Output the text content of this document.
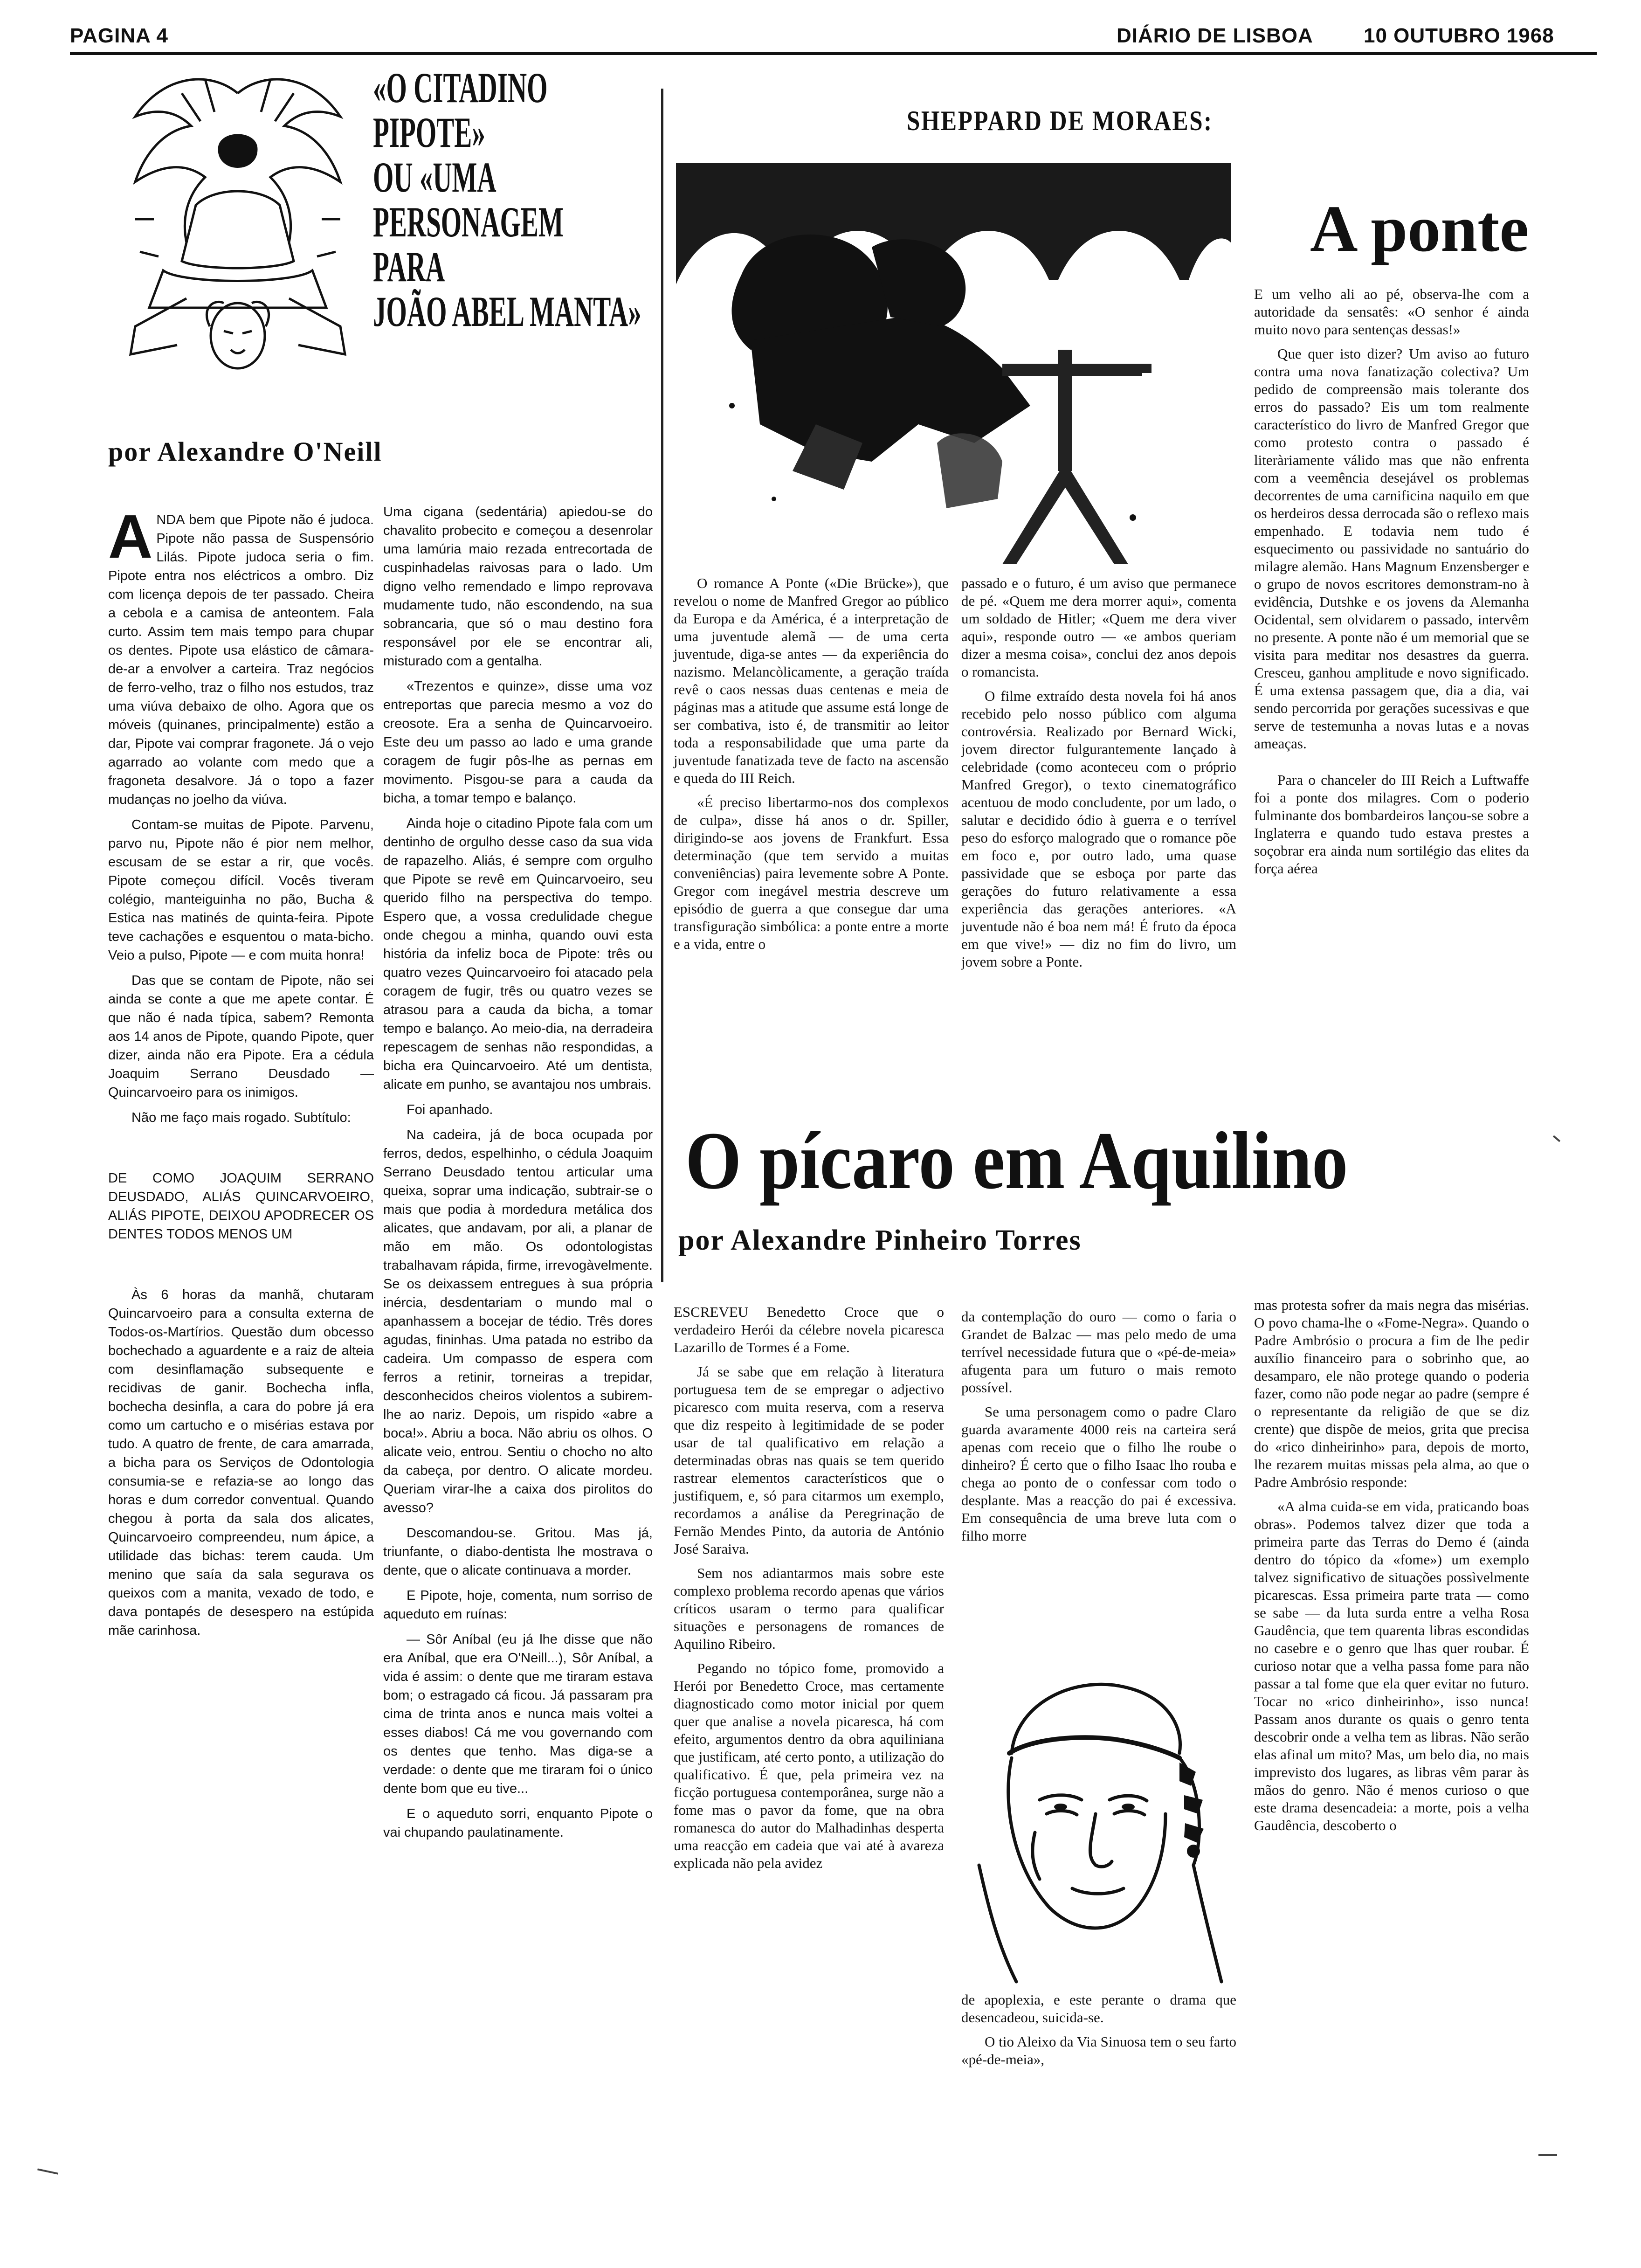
PAGINA 4	DIÁRIO DE LISBOA 10 OUTUBRO 1968
«O CITADINO
PIPOTE»
OU «UMA
PERSONAGEM
PARA
JOÃO ABEL MANTA»
por Alexandre O'Neill

ANDA bem que Pipote não é judoca. Pipote não passa de Suspensório Lilás. Pipote judoca seria o fim. Pipote entra nos eléctricos a ombro. Diz com licença depois de ter passado. Cheira a cebola e a camisa de anteontem. Fala curto. Assim tem mais tempo para chupar os dentes. Pipote usa elástico de câmara-de-ar a envolver a carteira. Traz negócios de ferro-velho, traz o filho nos estudos, traz uma viúva debaixo de olho. Agora que os móveis (quinanes, principalmente) estão a dar, Pipote vai comprar fragonete. Já o vejo agarrado ao volante com medo que a fragoneta desalvore. Já o topo a fazer mudanças no joelho da viúva.

Contam-se muitas de Pipote. Parvenu, parvo nu, Pipote não é pior nem melhor, escusam de se estar a rir, que vocês. Pipote começou difícil. Vocês tiveram colégio, manteiguinha no pão, Bucha & Estica nas matinés de quinta-feira. Pipote teve cachações e esquentou o mata-bicho. Veio a pulso, Pipote — e com muita honra!

Das que se contam de Pipote, não sei ainda se conte a que me apete contar. É que não é nada típica, sabem? Remonta aos 14 anos de Pipote, quando Pipote, quer dizer, ainda não era Pipote. Era a cédula Joaquim Serrano Deusdado — Quincarvoeiro para os inimigos.

Não me faço mais rogado. Subtítulo:

DE COMO JOAQUIM SERRANO DEUSDADO, ALIÁS QUINCARVOEIRO, ALIÁS PIPOTE, DEIXOU APODRECER OS DENTES TODOS MENOS UM

Às 6 horas da manhã, chutaram Quincarvoeiro para a consulta externa de Todos-os-Martírios. Questão dum obcesso bochechado a aguardente e a raiz de alteia com desinflamação subsequente e recidivas de ganir. Bochecha infla, bochecha desinfla, a cara do pobre já era como um cartucho e o misérias estava por tudo. A quatro de frente, de cara amarrada, a bicha para os Serviços de Odontologia consumia-se e refazia-se ao longo das horas e dum corredor conventual. Quando chegou à porta da sala dos alicates, Quincarvoeiro compreendeu, num ápice, a utilidade das bichas: terem cauda. Um menino que saía da sala segurava os queixos com a manita, vexado de todo, e dava pontapés de desespero na estúpida mãe carinhosa.

Uma cigana (sedentária) apiedou-se do chavalito probecito e começou a desenrolar uma lamúria maio rezada entrecortada de cuspinhadelas raivosas para o lado. Um digno velho remendado e limpo reprovava mudamente tudo, não escondendo, na sua sobrancaria, que só o mau destino fora responsável por ele se encontrar ali, misturado com a gentalha.

«Trezentos e quinze», disse uma voz entreportas que parecia mesmo a voz do creosote. Era a senha de Quincarvoeiro. Este deu um passo ao lado e uma grande coragem de fugir pôs-lhe as pernas em movimento. Pisgou-se para a cauda da bicha, a tomar tempo e balanço.

Ainda hoje o citadino Pipote fala com um dentinho de orgulho desse caso da sua vida de rapazelho. Aliás, é sempre com orgulho que Pipote se revê em Quincarvoeiro, seu querido filho na perspectiva do tempo. Espero que, a vossa credulidade chegue onde chegou a minha, quando ouvi esta história da infeliz boca de Pipote: três ou quatro vezes Quincarvoeiro foi atacado pela coragem de fugir, três ou quatro vezes se atrasou para a cauda da bicha, a tomar tempo e balanço. Ao meio-dia, na derradeira repescagem de senhas não respondidas, a bicha era Quincarvoeiro. Até um dentista, alicate em punho, se avantajou nos umbrais.

Foi apanhado.

Na cadeira, já de boca ocupada por ferros, dedos, espelhinho, o cédula Joaquim Serrano Deusdado tentou articular uma queixa, soprar uma indicação, subtrair-se o mais que podia à mordedura metálica dos alicates, que andavam, por ali, a planar de mão em mão. Os odontologistas trabalhavam rápida, firme, irrevogàvelmente. Se os deixassem entregues à sua própria inércia, desdentariam o mundo mal o apanhassem a bocejar de tédio. Três dores agudas, fininhas. Uma patada no estribo da cadeira. Um compasso de espera com ferros a retinir, torneiras a trepidar, desconhecidos cheiros violentos a subirem-lhe ao nariz. Depois, um rispido «abre a boca!». Abriu a boca. Não abriu os olhos. O alicate veio, entrou. Sentiu o chocho no alto da cabeça, por dentro. O alicate mordeu. Queriam virar-lhe a caixa dos pirolitos do avesso?

Descomandou-se. Gritou. Mas já, triunfante, o diabo-dentista lhe mostrava o dente, que o alicate continuava a morder.

E Pipote, hoje, comenta, num sorriso de aqueduto em ruínas:

— Sôr Aníbal (eu já lhe disse que não era Aníbal, que era O'Neill...), Sôr Aníbal, a vida é assim: o dente que me tiraram estava bom; o estragado cá ficou. Já passaram pra cima de trinta anos e nunca mais voltei a esses diabos! Cá me vou governando com os dentes que tenho. Mas diga-se a verdade: o dente que me tiraram foi o único dente bom que eu tive...

E o aqueduto sorri, enquanto Pipote o vai chupando paulatinamente.

SHEPPARD DE MORAES:
A ponte

O romance A Ponte («Die Brücke»), que revelou o nome de Manfred Gregor ao público da Europa e da América, é a interpretação de uma juventude alemã — de uma certa juventude, diga-se antes — da experiência do nazismo. Melancòlicamente, a geração traída revê o caos nessas duas centenas e meia de páginas mas a atitude que assume está longe de ser combativa, isto é, de transmitir ao leitor toda a responsabilidade que uma parte da juventude fanatizada teve de facto na ascensão e queda do III Reich.

«É preciso libertarmo-nos dos complexos de culpa», disse há anos o dr. Spiller, dirigindo-se aos jovens de Frankfurt. Essa determinação (que tem servido a muitas conveniências) paira levemente sobre A Ponte. Gregor com inegável mestria descreve um episódio de guerra a que consegue dar uma transfiguração simbólica: a ponte entre a morte e a vida, entre o

passado e o futuro, é um aviso que permanece de pé. «Quem me dera morrer aqui», comenta um soldado de Hitler; «Quem me dera viver aqui», responde outro — «e ambos queriam dizer a mesma coisa», conclui dez anos depois o romancista.

O filme extraído desta novela foi há anos recebido pelo nosso público com alguma controvérsia. Realizado por Bernard Wicki, jovem director fulgurantemente lançado à celebridade (como aconteceu com o próprio Manfred Gregor), o texto cinematográfico acentuou de modo concludente, por um lado, o salutar e decidido ódio à guerra e o terrível peso do esforço malogrado que o romance põe em foco e, por outro lado, uma quase passividade que se esboça por parte das gerações do futuro relativamente a essa experiência das gerações anteriores. «A juventude não é boa nem má! É fruto da época em que vive!» — diz no fim do livro, um jovem sobre a Ponte.

E um velho ali ao pé, observa-lhe com a autoridade da sensatês: «O senhor é ainda muito novo para sentenças dessas!»

Que quer isto dizer? Um aviso ao futuro contra uma nova fanatização colectiva? Um pedido de compreensão mais tolerante dos erros do passado? Eis um tom realmente característico do livro de Manfred Gregor que como protesto contra o passado é literàriamente válido mas que não enfrenta com a veemência desejável os problemas decorrentes de uma carnificina naquilo em que os herdeiros dessa derrocada são o reflexo mais empenhado. E todavia nem tudo é esquecimento ou passividade no santuário do milagre alemão. Hans Magnum Enzensberger e o grupo de novos escritores demonstram-no à evidência, Dutshke e os jovens da Alemanha Ocidental, sem olvidarem o passado, intervêm no presente. A ponte não é um memorial que se visita para meditar nos desastres da guerra. Cresceu, ganhou amplitude e novo significado. É uma extensa passagem que, dia a dia, vai sendo percorrida por gerações sucessivas e que serve de testemunha a novas lutas e a novas ameaças.

Para o chanceler do III Reich a Luftwaffe foi a ponte dos milagres. Com o poderio fulminante dos bombardeiros lançou-se sobre a Inglaterra e quando tudo estava prestes a soçobrar era ainda num sortilégio das elites da força aérea

O pícaro em Aquilino
por Alexandre Pinheiro Torres

ESCREVEU Benedetto Croce que o verdadeiro Herói da célebre novela picaresca Lazarillo de Tormes é a Fome.

Já se sabe que em relação à literatura portuguesa tem de se empregar o adjectivo picaresco com muita reserva, com a reserva que diz respeito à legitimidade de se poder usar de tal qualificativo em relação a determinadas obras nas quais se tem querido rastrear elementos característicos que o justifiquem, e, só para citarmos um exemplo, recordamos a análise da Peregrinação de Fernão Mendes Pinto, da autoria de António José Saraiva.

Sem nos adiantarmos mais sobre este complexo problema recordo apenas que vários críticos usaram o termo para qualificar situações e personagens de romances de Aquilino Ribeiro.

Pegando no tópico fome, promovido a Herói por Benedetto Croce, mas certamente diagnosticado como motor inicial por quem quer que analise a novela picaresca, há com efeito, argumentos dentro da obra aquiliniana que justificam, até certo ponto, a utilização do qualificativo. É que, pela primeira vez na ficção portuguesa contemporânea, surge não a fome mas o pavor da fome, que na obra romanesca do autor do Malhadinhas desperta uma reacção em cadeia que vai até à avareza explicada não pela avidez

da contemplação do ouro — como o faria o Grandet de Balzac — mas pelo medo de uma terrível necessidade futura que o «pé-de-meia» afugenta para um futuro o mais remoto possível.

Se uma personagem como o padre Claro guarda avaramente 4000 reis na carteira será apenas com receio que o filho lhe roube o dinheiro? É certo que o filho Isaac lho rouba e chega ao ponto de o confessar com todo o desplante. Mas a reacção do pai é excessiva. Em consequência de uma breve luta com o filho morre

de apoplexia, e este perante o drama que desencadeou, suicida-se.

O tio Aleixo da Via Sinuosa tem o seu farto «pé-de-meia»,

mas protesta sofrer da mais negra das misérias. O povo chama-lhe o «Fome-Negra». Quando o Padre Ambrósio o procura a fim de lhe pedir auxílio financeiro para o sobrinho que, ao desamparo, ele não protege quando o poderia fazer, como não pode negar ao padre (sempre é o representante da religião de que se diz crente) que dispõe de meios, grita que precisa do «rico dinheirinho» para, depois de morto, lhe rezarem muitas missas pela alma, ao que o Padre Ambrósio responde:

«A alma cuida-se em vida, praticando boas obras». Podemos talvez dizer que toda a primeira parte das Terras do Demo é (ainda dentro do tópico da «fome») um exemplo talvez significativo de situações possìvelmente picarescas. Essa primeira parte trata — como se sabe — da luta surda entre a velha Rosa Gaudência, que tem quarenta libras escondidas no casebre e o genro que lhas quer roubar. É curioso notar que a velha passa fome para não passar a tal fome que ela quer evitar no futuro. Tocar no «rico dinheirinho», isso nunca! Passam anos durante os quais o genro tenta descobrir onde a velha tem as libras. Não serão elas afinal um mito? Mas, um belo dia, no mais imprevisto dos lugares, as libras vêm parar às mãos do genro. Não é menos curioso o que este drama desencadeia: a morte, pois a velha Gaudência, descoberto o
